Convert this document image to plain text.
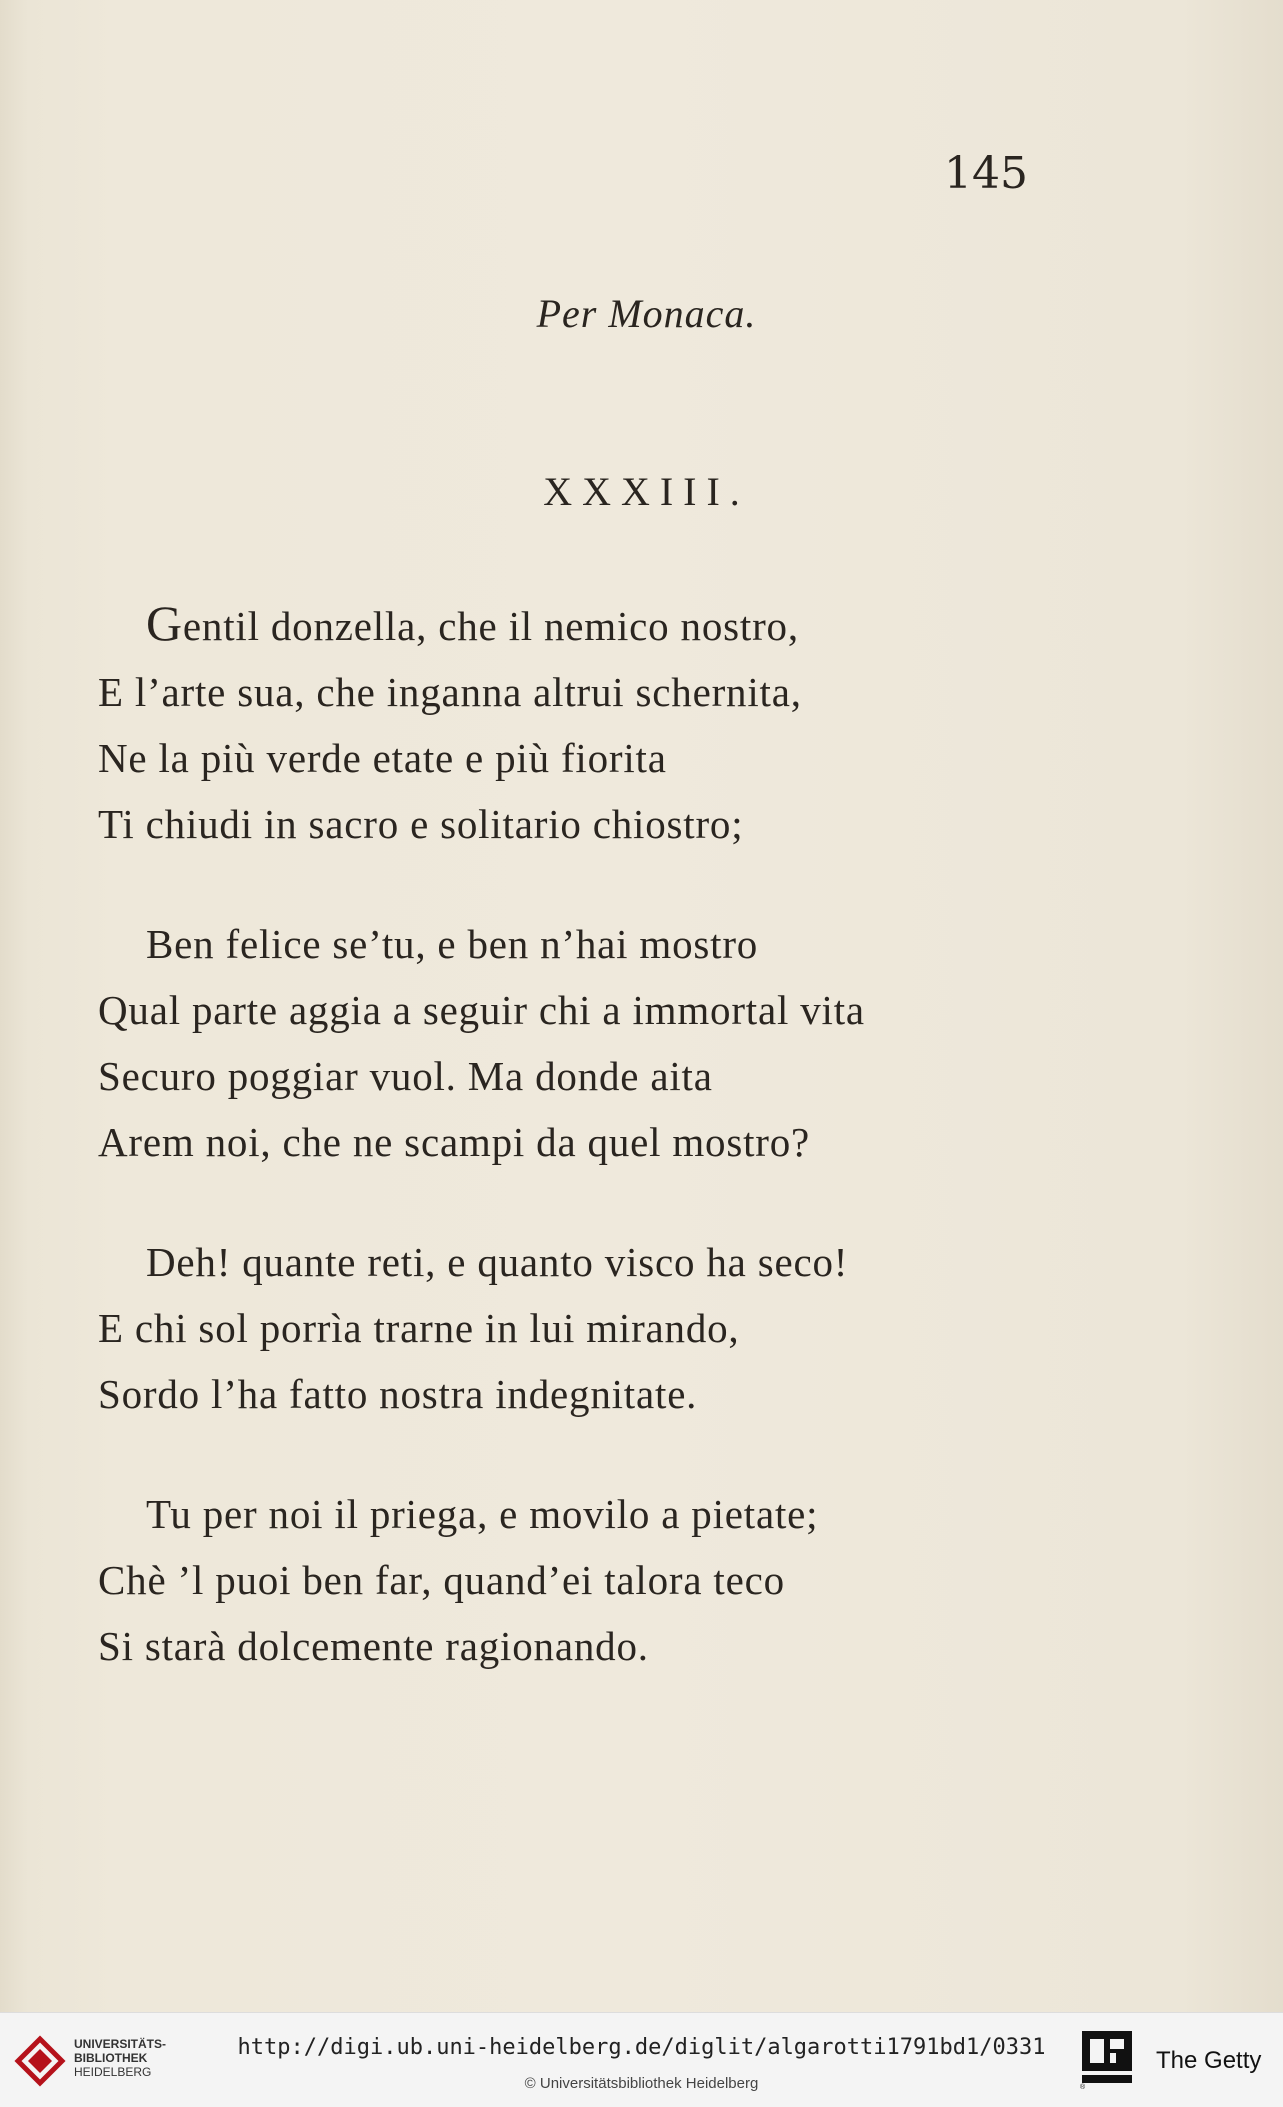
145
Per Monaca.
XXXIII.
Gentil donzella, che il nemico nostro,
E l’arte sua, che inganna altrui schernita,
Ne la più verde etate e più fiorita
Ti chiudi in sacro e solitario chiostro;
Ben felice se’tu, e ben n’hai mostro
Qual parte aggia a seguir chi a immortal vita
Securo poggiar vuol. Ma donde aita
Arem noi, che ne scampi da quel mostro?
Deh! quante reti, e quanto visco ha seco!
E chi sol porrìa trarne in lui mirando,
Sordo l’ha fatto nostra indegnitate.
Tu per noi il priega, e movilo a pietate;
Chè ’l puoi ben far, quand’ei talora teco
Si starà dolcemente ragionando.
UNIVERSITÄTS-
BIBLIOTHEK
HEIDELBERG
http://digi.ub.uni-heidelberg.de/diglit/algarotti1791bd1/0331
© Universitätsbibliothek Heidelberg	®
The Getty
